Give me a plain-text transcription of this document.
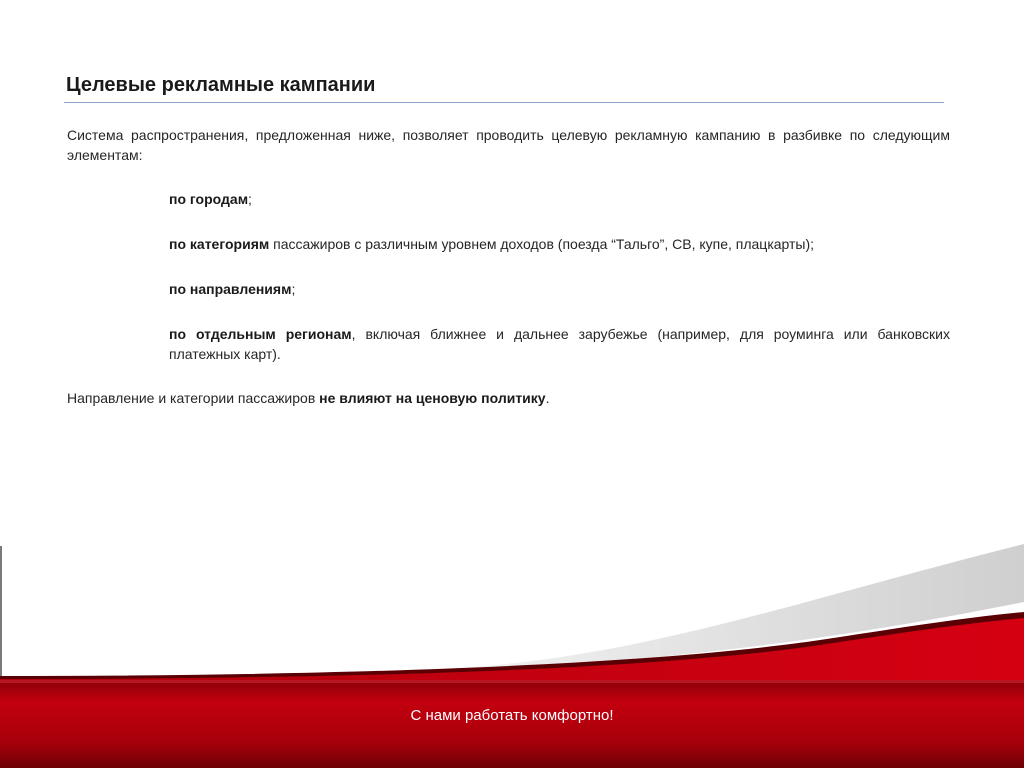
Целевые рекламные кампании

Система распространения, предложенная ниже, позволяет проводить целевую рекламную кампанию в разбивке по следующим элементам:

по городам;

по категориям пассажиров с различным уровнем доходов (поезда “Тальго”, СВ, купе, плацкарты);

по направлениям;

по отдельным регионам, включая ближнее и дальнее зарубежье (например, для роуминга или банковских платежных карт).

Направление и категории пассажиров не влияют на ценовую политику.

С нами работать комфортно!
